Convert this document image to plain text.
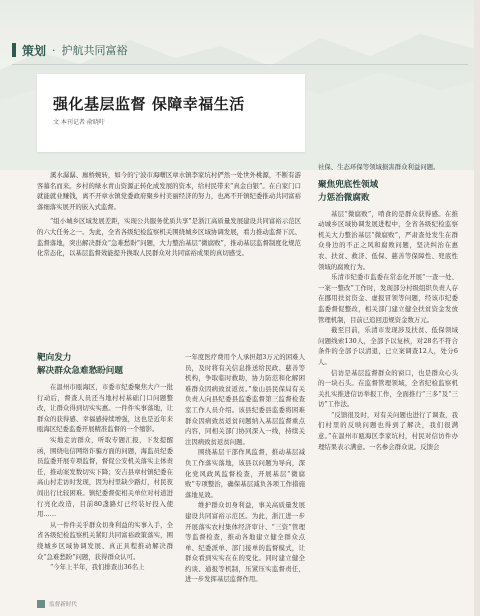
策划 · 护航共同富裕
强化基层监督 保障幸福生活
文 本刊记者 俞晓吁

溪水潺潺、廊桥婉转，如今的宁波市海曙区章水镇李家坑村俨然一处世外桃源，不断有游客慕名而来。乡村的绿水青山资源正转化成发展的资本，给村民带来“真金白银”。在自家门口就能就业赚钱，离不开章水镇党委政府聚乡村美丽经济的努力，也离不开镇纪委推动共同富裕落细落实展开的嵌入式监督。

“组小城乡区域发展差距，实现公共服务优质共享”是浙江高质量发展建设共同富裕示范区的六大任务之一。为此，全省各级纪检监察机关围绕城乡区域协调发展，看力推动监督下沉、监督落地，突出解决群众“急难愁盼”问题，大力整治基层“微腐败”，推动基层监督制度化规范化常态化，以基层监督效能提升换取人民群众对共同富裕成果的真切感受。

靶向发力
解决群众急难愁盼问题

在温州市瓯海区，市委市纪委聚焦大户一批行动后，督查人员还当地村村基础门口问题整改，让群众得到切实实惠。一件件实事落地，让群众的获得感、幸福感持续增强，这也是近年来瓯海区纪委监委开展精准监督的一个缩影。

实地走访群众，听取专题汇报，下发提醒函，围绕电信网络诈骗方面的问题，海监员纪委员监委开展专项监督，督促公安机关落实主体责任，推动案发数切实下降；安吉县章村镇纪委在高山村走访时发现，因为村里缺少路灯，村民夜间出行比较困难。镇纪委督促相关单位对村道进行亮化改造，目前80盏路灯已经装好投入使用……

从一件件关乎群众切身利益的实事入手，全省各级纪检监察机关紧盯共同富裕政策落实，围绕城乡区域协调发展、真正具程推动解决群众“急难愁盼”问题，获得群众认可。

“今年上半年，我们排查出36名上

一年度医疗费用个人承担超3万元的困难人员，及时将有关信息推送给民政、慈善等机构，争取临时救助，协力防范和化解困难群众因病致贫返贫。”象山县民保局有关负责人向县纪委县监委监督第三监督检查室工作人员介绍。该县纪委县监委将困难群众因病致贫返贫问题纳入基层监督重点内容，同相关部门协同深入一线，持续关注因病致贫返贫问题。

围绕基层干部作风监督，推动基层减负工作落实落地，该县以问题为导向，深化党风政风监督检查，开展基层“微腐败”专项整治，确保基层减负各项工作措施落地见效。

维护群众切身利益，事关高质量发展建设共同富裕示范区。为此，浙江进一步开展落实农村集体经济审计、“三资”管理等监督检查，推动各地建立健全群众点单、纪委派单、部门接单的监督模式，让群众看到实实在在的变化。同时建立健全约谈、通报等机制，压紧压实监督责任，进一步发挥基层监督作用。

社保、生态环保等领域损害群众利益问题。

聚焦兜底性领域
力惩治微腐败

基层“微腐败”，啃食的是群众获得感。在推动城乡区域协调发展进程中，全省各级纪检监察机关大力整治基层“微腐败”，严肃查处发生在群众身边的不正之风和腐败问题，坚决纠治在惠农、扶贫、救济、低保、慈善等保障性、兜底性领域的腐败行为。

乐清市纪委市监委在常态化开展“一查一处、一案一整改”工作时，发现部分村级组织负责人存在挪用扶贫资金、虚报冒领等问题，经该市纪委监委督促整改，相关部门建立健全扶贫资金发放管理机制，目前已追回违规资金数万元。

截至目前，乐清市发现涉及扶贫、低保领域问题线索130人，全部予以复核，对28名不符合条件的全部予以清退，已立案调查12人，处分6人。

信访是基层监督群众的窗口，也是群众心头的一块石头。在监督管理领域，全省纪检监察机关扎实推进信访举报工作，全面推行“三多”及“三访”工作法。

“反馈很及时，对有关问题也进行了调查，我们村里的反映问题也得到了解决，我们很满意。”在温州市瓯海区李家坑村，村民对信访件办理结果表示满意。一名参会群众说。反馈会

监督新时代
